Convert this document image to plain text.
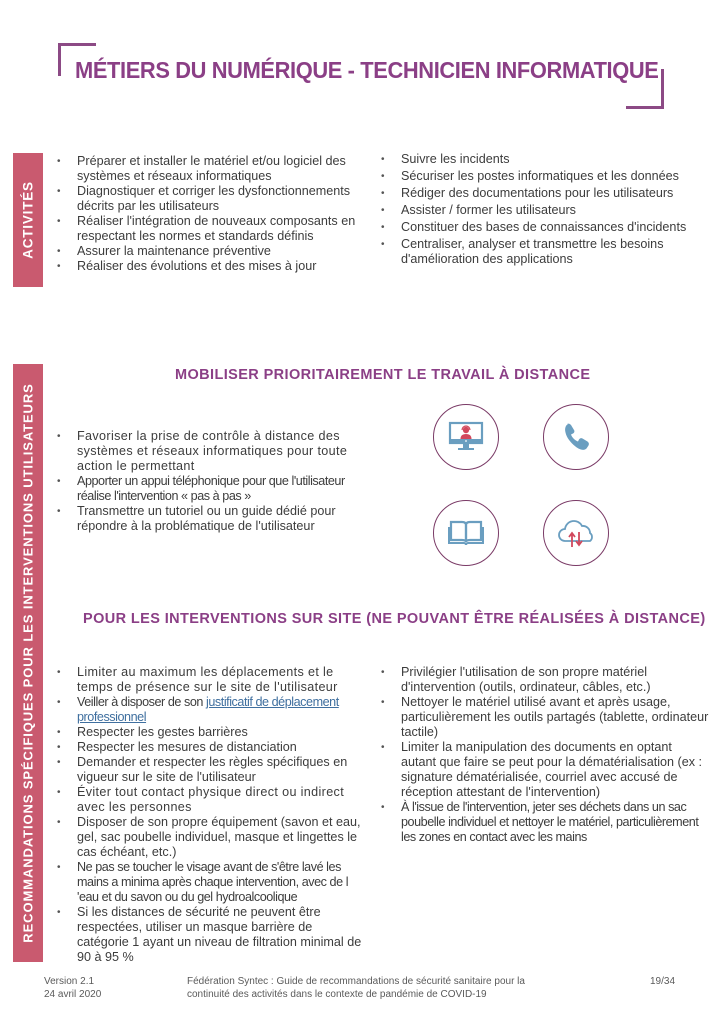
MÉTIERS DU NUMÉRIQUE - TECHNICIEN INFORMATIQUE
ACTIVITÉS
• Préparer et installer le matériel et/ou logiciel des systèmes et réseaux informatiques
• Diagnostiquer et corriger les dysfonctionnements décrits par les utilisateurs
• Réaliser l'intégration de nouveaux composants en respectant les normes et standards définis
• Assurer la maintenance préventive
• Réaliser des évolutions et des mises à jour
• Suivre les incidents
• Sécuriser les postes informatiques et les données
• Rédiger des documentations pour les utilisateurs
• Assister / former les utilisateurs
• Constituer des bases de connaissances d'incidents
• Centraliser, analyser et transmettre les besoins d'amélioration des applications
RECOMMANDATIONS SPÉCIFIQUES POUR LES INTERVENTIONS UTILISATEURS
MOBILISER PRIORITAIREMENT LE TRAVAIL À DISTANCE
• Favoriser la prise de contrôle à distance des systèmes et réseaux informatiques pour toute action le permettant
• Apporter un appui téléphonique pour que l'utilisateur réalise l'intervention « pas à pas »
• Transmettre un tutoriel ou un guide dédié pour répondre à la problématique de l'utilisateur
POUR LES INTERVENTIONS SUR SITE (NE POUVANT ÊTRE RÉALISÉES À DISTANCE)
• Limiter au maximum les déplacements et le temps de présence sur le site de l'utilisateur
• Veiller à disposer de son justificatif de déplacement professionnel
• Respecter les gestes barrières
• Respecter les mesures de distanciation
• Demander et respecter les règles spécifiques en vigueur sur le site de l'utilisateur
• Éviter tout contact physique direct ou indirect avec les personnes
• Disposer de son propre équipement (savon et eau, gel, sac poubelle individuel, masque et lingettes le cas échéant, etc.)
• Ne pas se toucher le visage avant de s'être lavé les mains a minima après chaque intervention, avec de l 'eau et du savon ou du gel hydroalcoolique
• Si les distances de sécurité ne peuvent être respectées, utiliser un masque barrière de catégorie 1 ayant un niveau de filtration minimal de 90 à 95 %
• Privilégier l'utilisation de son propre matériel d'intervention (outils, ordinateur, câbles, etc.)
• Nettoyer le matériel utilisé avant et après usage, particulièrement les outils partagés (tablette, ordinateur tactile)
• Limiter la manipulation des documents en optant autant que faire se peut pour la dématérialisation (ex : signature dématérialisée, courriel avec accusé de réception attestant de l'intervention)
• À l'issue de l'intervention, jeter ses déchets dans un sac poubelle individuel et nettoyer le matériel, particulièrement les zones en contact avec les mains
Version 2.1
24 avril 2020
Fédération Syntec : Guide de recommandations de sécurité sanitaire pour la
continuité des activités dans le contexte de pandémie de COVID-19
19/34
